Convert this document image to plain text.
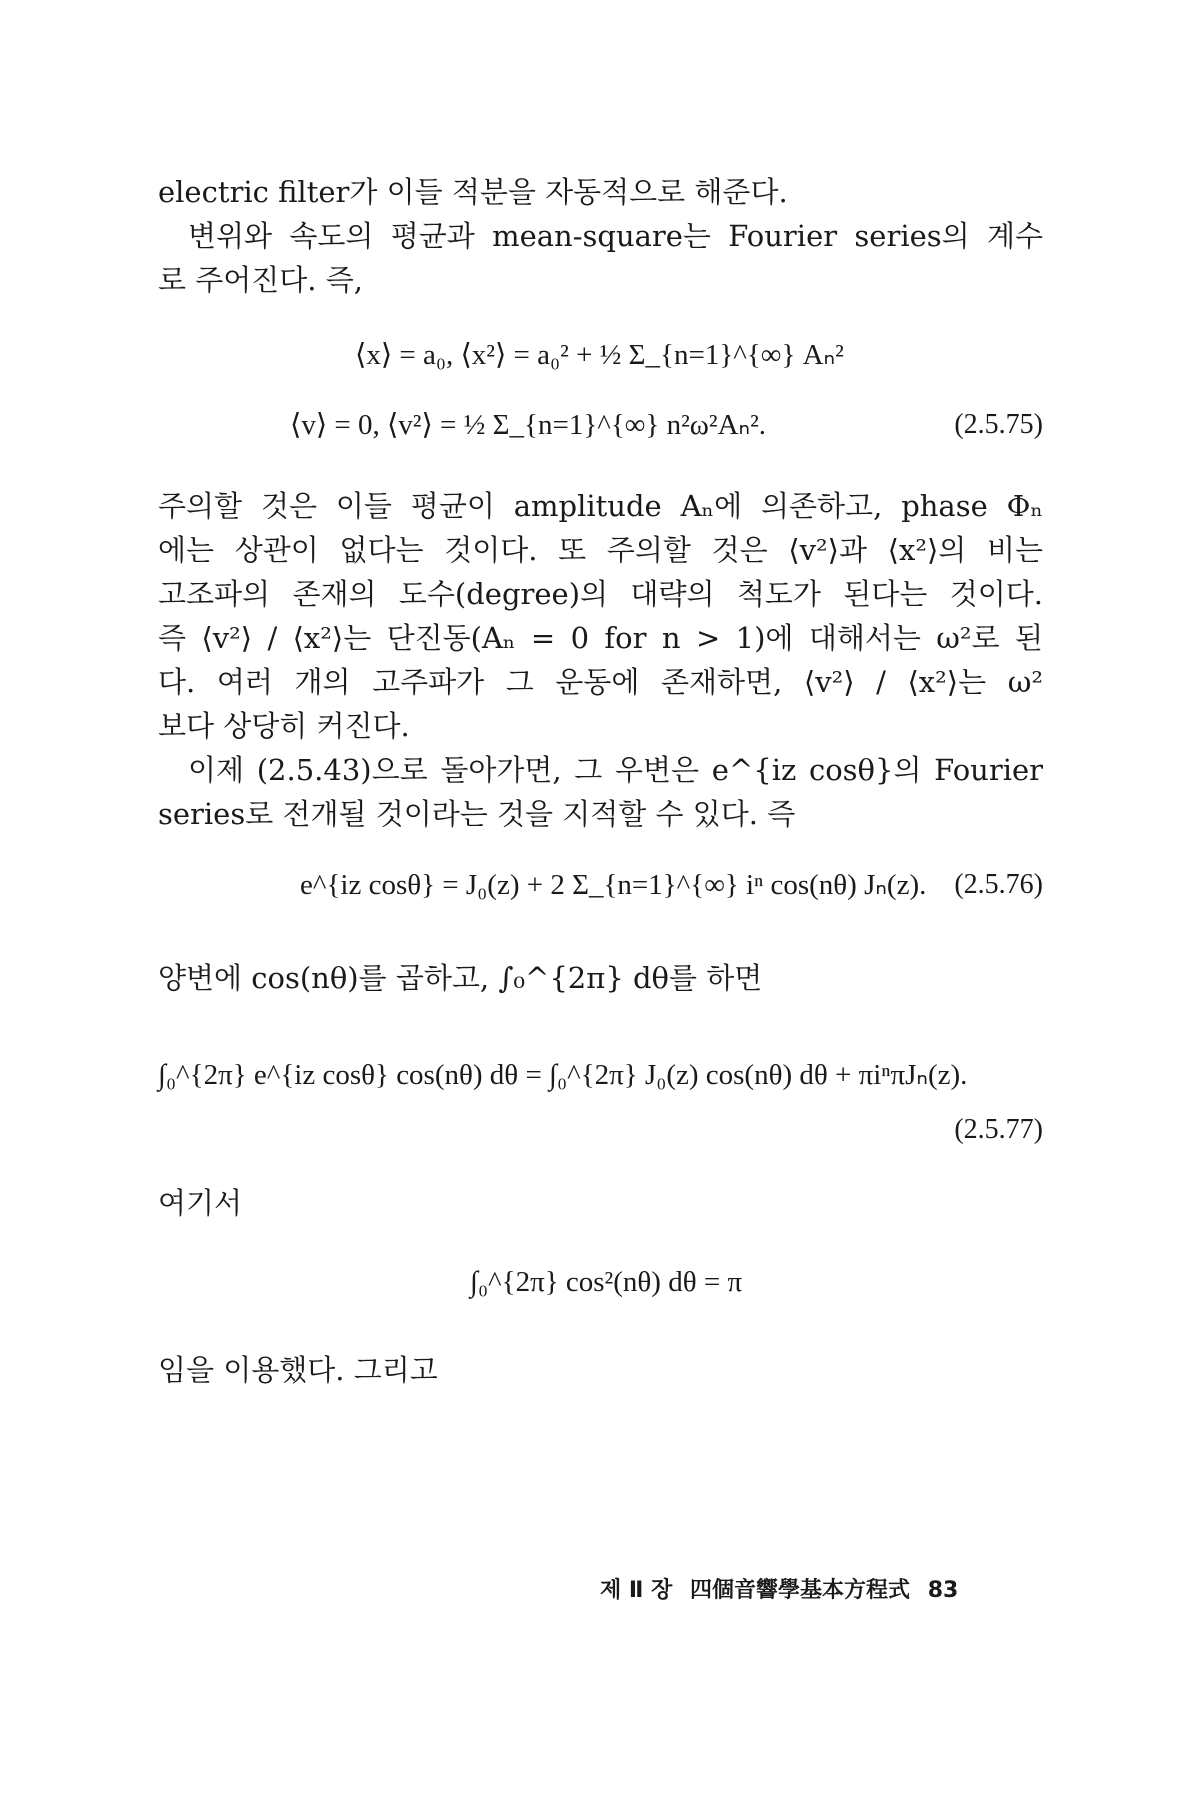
electric filter가 이들 적분을 자동적으로 해준다.
변위와 속도의 평균과 mean-square는 Fourier series의 계수
로 주어진다. 즉,
⟨x⟩ = a₀, ⟨x²⟩ = a₀² + ½ Σ_{n=1}^{∞} Aₙ²
⟨v⟩ = 0, ⟨v²⟩ = ½ Σ_{n=1}^{∞} n²ω²Aₙ².	(2.5.75)
주의할 것은 이들 평균이 amplitude Aₙ에 의존하고, phase Φₙ
에는 상관이 없다는 것이다. 또 주의할 것은 ⟨v²⟩과 ⟨x²⟩의 비는
고조파의 존재의 도수(degree)의 대략의 척도가 된다는 것이다.
즉 ⟨v²⟩ / ⟨x²⟩는 단진동(Aₙ = 0 for n > 1)에 대해서는 ω²로 된
다. 여러 개의 고주파가 그 운동에 존재하면, ⟨v²⟩ / ⟨x²⟩는 ω²
보다 상당히 커진다.
이제 (2.5.43)으로 돌아가면, 그 우변은 e^{iz cosθ}의 Fourier
series로 전개될 것이라는 것을 지적할 수 있다. 즉
e^{iz cosθ} = J₀(z) + 2 Σ_{n=1}^{∞} iⁿ cos(nθ) Jₙ(z). (2.5.76)
양변에 cos(nθ)를 곱하고, ∫₀^{2π} dθ를 하면
∫₀^{2π} e^{iz cosθ} cos(nθ) dθ = ∫₀^{2π} J₀(z) cos(nθ) dθ + πiⁿπJₙ(z).
(2.5.77)
여기서
∫₀^{2π} cos²(nθ) dθ = π
임을 이용했다. 그리고
제 Ⅱ 장 四個音響學基本方程式 83
